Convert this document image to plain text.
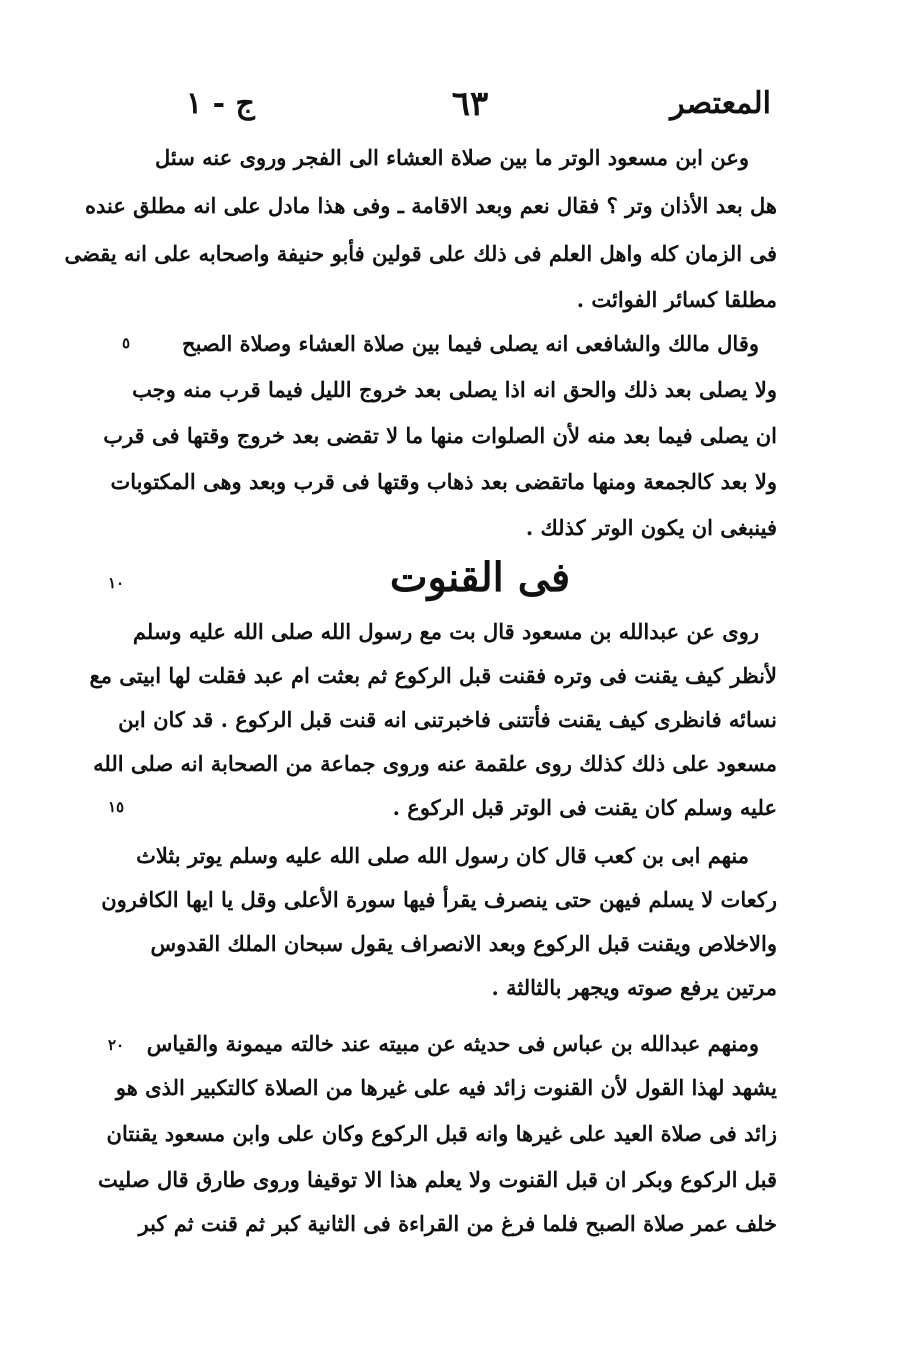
المعتصر
٦٣
ج - ١
وعن ابن مسعود الوتر ما بين صلاة العشاء الى الفجر وروى عنه سئل
هل بعد الأذان وتر ؟ فقال نعم وبعد الاقامة ـ وفى هذا مادل على انه مطلق عنده
فى الزمان كله واهل العلم فى ذلك على قولين فأبو حنيفة واصحابه على انه يقضى
مطلقا كسائر الفوائت .
وقال مالك والشافعى انه يصلى فيما بين صلاة العشاء وصلاة الصبح
ولا يصلى بعد ذلك والحق انه اذا يصلى بعد خروج الليل فيما قرب منه وجب
ان يصلى فيما بعد منه لأن الصلوات منها ما لا تقضى بعد خروج وقتها فى قرب
ولا بعد كالجمعة ومنها ماتقضى بعد ذهاب وقتها فى قرب وبعد وهى المكتوبات
فينبغى ان يكون الوتر كذلك .
فى القنوت
روى عن عبدالله بن مسعود قال بت مع رسول الله صلى الله عليه وسلم
لأنظر كيف يقنت فى وتره فقنت قبل الركوع ثم بعثت ام عبد فقلت لها ابيتى مع
نسائه فانظرى كيف يقنت فأتتنى فاخبرتنى انه قنت قبل الركوع . قد كان ابن
مسعود على ذلك كذلك روى علقمة عنه وروى جماعة من الصحابة انه صلى الله
عليه وسلم كان يقنت فى الوتر قبل الركوع .
منهم ابى بن كعب قال كان رسول الله صلى الله عليه وسلم يوتر بثلاث
ركعات لا يسلم فيهن حتى ينصرف يقرأ فيها سورة الأعلى وقل يا ايها الكافرون
والاخلاص ويقنت قبل الركوع وبعد الانصراف يقول سبحان الملك القدوس
مرتين يرفع صوته ويجهر بالثالثة .
ومنهم عبدالله بن عباس فى حديثه عن مبيته عند خالته ميمونة والقياس
يشهد لهذا القول لأن القنوت زائد فيه على غيرها من الصلاة كالتكبير الذى هو
زائد فى صلاة العيد على غيرها وانه قبل الركوع وكان على وابن مسعود يقنتان
قبل الركوع وبكر ان قبل القنوت ولا يعلم هذا الا توقيفا وروى طارق قال صليت
خلف عمر صلاة الصبح فلما فرغ من القراءة فى الثانية كبر ثم قنت ثم كبر
٥
١٠
١٥
٢٠
